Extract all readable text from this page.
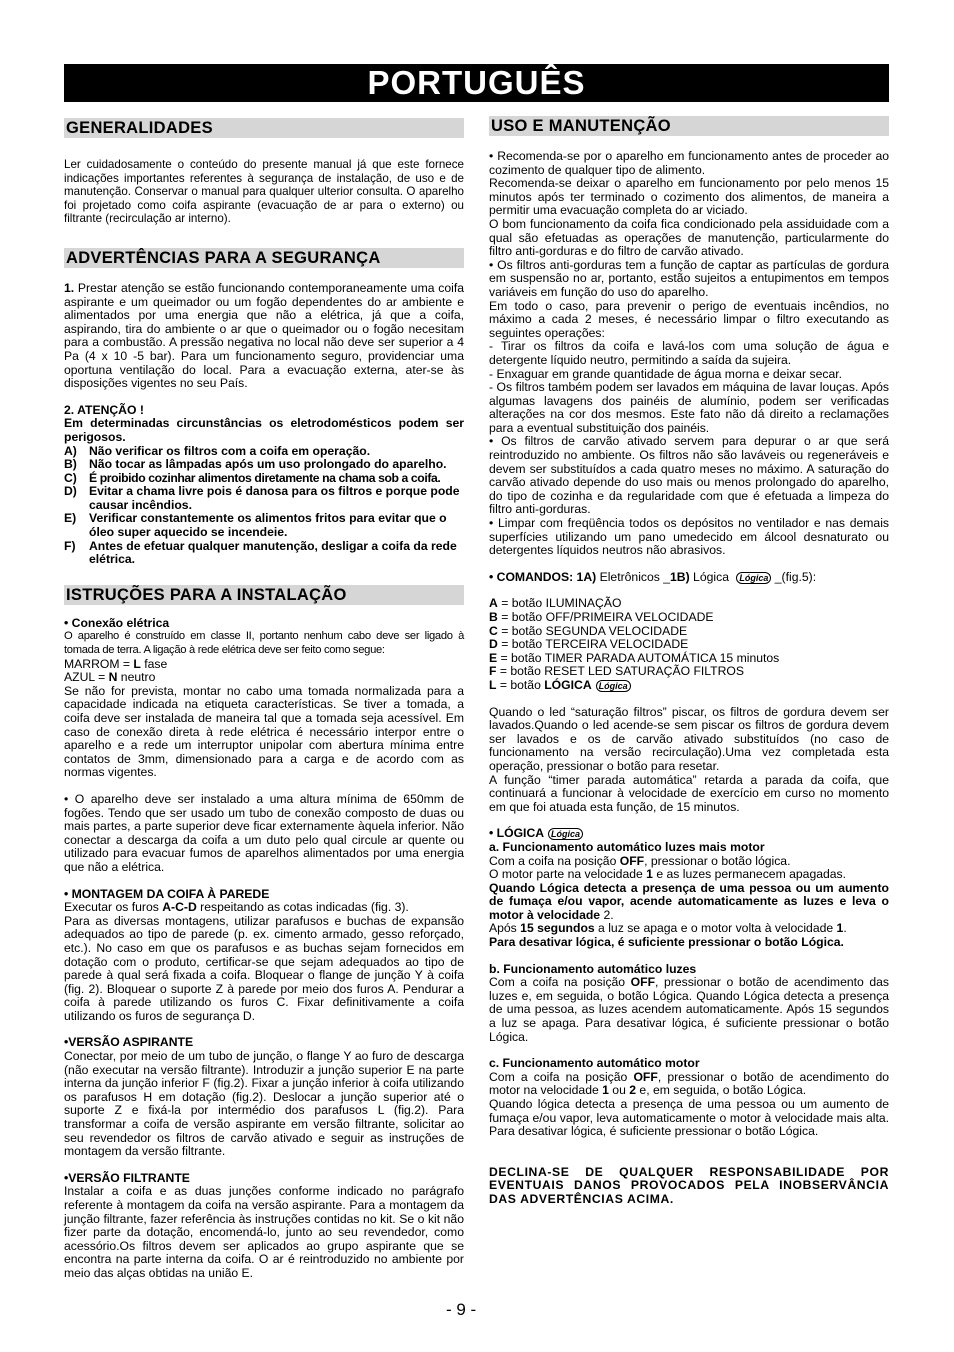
PORTUGUÊS
GENERALIDADES

Ler cuidadosamente o conteúdo do presente manual já que este fornece indicações importantes referentes à segurança de instalação, de uso e de manutenção. Conservar o manual para qualquer ulterior consulta. O aparelho foi projetado como coifa aspirante (evacuação de ar para o externo) ou filtrante (recirculação ar interno).

ADVERTÊNCIAS PARA A SEGURANÇA

1. Prestar atenção se estão funcionando contemporaneamente uma coifa aspirante e um queimador ou um fogão dependentes do ar ambiente e alimentados por uma energia que não a elétrica, já que a coifa, aspirando, tira do ambiente o ar que o queimador ou o fogão necesitam para a combustão. A pressão negativa no local não deve ser superior a 4 Pa (4 x 10 -5 bar). Para um funcionamento seguro, providenciar uma oportuna ventilação do local. Para a evacuação externa, ater-se às disposições vigentes no seu País.

2. ATENÇÃO !

Em determinadas circunstâncias os eletrodomésticos podem ser perigosos.

A) Não verificar os filtros com a coifa em operação.
B) Não tocar as lâmpadas após um uso prolongado do aparelho.
C) É proibido cozinhar alimentos diretamente na chama sob a coifa.
D) Evitar a chama livre pois é danosa para os filtros e porque pode causar incêndios.
E)	Verificar constantemente os alimentos fritos para evitar que o óleo super aquecido se incendeie.
F)	Antes de efetuar qualquer manutenção, desligar a coifa da rede elétrica.
ISTRUÇÕES PARA A INSTALAÇÃO

• Conexão elétrica

O aparelho é construído em classe II, portanto nenhum cabo deve ser ligado à tomada de terra. A ligação à rede elétrica deve ser feito como segue:

MARROM = L fase

AZUL = N neutro

Se não for prevista, montar no cabo uma tomada normalizada para a capacidade indicada na etiqueta características. Se tiver a tomada, a coifa deve ser instalada de maneira tal que a tomada seja acessível. Em caso de conexão direta à rede elétrica é necessário interpor entre o aparelho e a rede um interruptor unipolar com abertura mínima entre contatos de 3mm, dimensionado para a carga e de acordo com as normas vigentes.

• O aparelho deve ser instalado a uma altura mínima de 650mm de fogões. Tendo que ser usado um tubo de conexão composto de duas ou mais partes, a parte superior deve ficar externamente àquela inferior. Não conectar a descarga da coifa a um duto pelo qual circule ar quente ou utilizado para evacuar fumos de aparelhos alimentados por uma energia que não a elétrica.

• MONTAGEM DA COIFA À PAREDE

Executar os furos A-C-D respeitando as cotas indicadas (fig. 3).

Para as diversas montagens, utilizar parafusos e buchas de expansão adequados ao tipo de parede (p. ex. cimento armado, gesso reforçado, etc.). No caso em que os parafusos e as buchas sejam fornecidos em dotação com o produto, certificar-se que sejam adequados ao tipo de parede à qual será fixada a coifa. Bloquear o flange de junção Y à coifa (fig. 2). Bloquear o suporte Z à parede por meio dos furos A. Pendurar a coifa à parede utilizando os furos C. Fixar definitivamente a coifa utilizando os furos de segurança D.

•VERSÃO ASPIRANTE

Conectar, por meio de um tubo de junção, o flange Y ao furo de descarga (não executar na versão filtrante). Introduzir a junção superior E na parte interna da junção inferior F (fig.2). Fixar a junção inferior à coifa utilizando os parafusos H em dotação (fig.2). Deslocar a junção superior até o suporte Z e fixá-la por intermédio dos parafusos L (fig.2). Para transformar a coifa de versão aspirante em versão filtrante, solicitar ao seu revendedor os filtros de carvão ativado e seguir as instruções de montagem da versão filtrante.

•VERSÃO FILTRANTE

Instalar a coifa e as duas junções conforme indicado no parágrafo referente à montagem da coifa na versão aspirante. Para a montagem da junção filtrante, fazer referência às instruções contidas no kit. Se o kit não fizer parte da dotação, encomendá-lo, junto ao seu revendedor, como acessório.Os filtros devem ser aplicados ao grupo aspirante que se encontra na parte interna da coifa. O ar é reintroduzido no ambiente por meio das alças obtidas na união E.

USO E MANUTENÇÃO

• Recomenda-se por o aparelho em funcionamento antes de proceder ao cozimento de qualquer tipo de alimento.

Recomenda-se deixar o aparelho em funcionamento por pelo menos 15 minutos após ter terminado o cozimento dos alimentos, de maneira a permitir uma evacuação completa do ar viciado.

O bom funcionamento da coifa fica condicionado pela assiduidade com a qual são efetuadas as operações de manutenção, particularmente do filtro anti-gorduras e do filtro de carvão ativado.

• Os filtros anti-gorduras tem a função de captar as partículas de gordura em suspensão no ar, portanto, estão sujeitos a entupimentos em tempos variáveis em função do uso do aparelho.

Em todo o caso, para prevenir o perigo de eventuais incêndios, no máximo a cada 2 meses, é necessário limpar o filtro executando as seguintes operações:

- Tirar os filtros da coifa e lavá-los com uma solução de água e detergente líquido neutro, permitindo a saída da sujeira.

- Enxaguar em grande quantidade de água morna e deixar secar.

- Os filtros também podem ser lavados em máquina de lavar louças. Após algumas lavagens dos painéis de alumínio, podem ser verificadas alterações na cor dos mesmos. Este fato não dá direito a reclamações para a eventual substituição dos painéis.

• Os filtros de carvão ativado servem para depurar o ar que será reintroduzido no ambiente. Os filtros não são laváveis ou regeneráveis e devem ser substituídos a cada quatro meses no máximo. A saturação do carvão ativado depende do uso mais ou menos prolongado do aparelho, do tipo de cozinha e da regularidade com que é efetuada a limpeza do filtro anti-gorduras.

• Limpar com freqüência todos os depósitos no ventilador e nas demais superfícies utilizando um pano umedecido em álcool desnaturato ou detergentes líquidos neutros não abrasivos.

• COMANDOS: 1A) Eletrônicos _1B) Lógica Lógica _(fig.5):

A = botão ILUMINAÇÃO

B = botão OFF/PRIMEIRA VELOCIDADE

C = botão SEGUNDA VELOCIDADE

D = botão TERCEIRA VELOCIDADE

E = botão TIMER PARADA AUTOMÁTICA 15 minutos

F = botão RESET LED SATURAÇÃO FILTROS

L = botão LÓGICA Lógica

Quando o led “saturação filtros” piscar, os filtros de gordura devem ser lavados.Quando o led acende-se sem piscar os filtros de gordura devem ser lavados e os de carvão ativado substituídos (no caso de funcionamento na versão recirculação).Uma vez completada esta operação, pressionar o botão para resetar.

A função “timer parada automática” retarda a parada da coifa, que continuará a funcionar à velocidade de exercício em curso no momento em que foi atuada esta função, de 15 minutos.

• LÓGICA Lógica

a. Funcionamento automático luzes mais motor

Com a coifa na posição OFF, pressionar o botão lógica.

O motor parte na velocidade 1 e as luzes permanecem apagadas.

Quando Lógica detecta a presença de uma pessoa ou um aumento de fumaça e/ou vapor, acende automaticamente as luzes e leva o motor à velocidade 2.

Após 15 segundos a luz se apaga e o motor volta à velocidade 1.

Para desativar lógica, é suficiente pressionar o botão Lógica.

b. Funcionamento automático luzes

Com a coifa na posição OFF, pressionar o botão de acendimento das luzes e, em seguida, o botão Lógica. Quando Lógica detecta a presença de uma pessoa, as luzes acendem automaticamente. Após 15 segundos a luz se apaga. Para desativar lógica, é suficiente pressionar o botão Lógica.

c. Funcionamento automático motor

Com a coifa na posição OFF, pressionar o botão de acendimento do motor na velocidade 1 ou 2 e, em seguida, o botão Lógica.

Quando lógica detecta a presença de uma pessoa ou um aumento de fumaça e/ou vapor, leva automaticamente o motor à velocidade mais alta. Para desativar lógica, é suficiente pressionar o botão Lógica.

DECLINA-SE DE QUALQUER RESPONSABILIDADE POR EVENTUAIS DANOS PROVOCADOS PELA INOBSERVÂNCIA DAS ADVERTÊNCIAS ACIMA.

- 9 -
